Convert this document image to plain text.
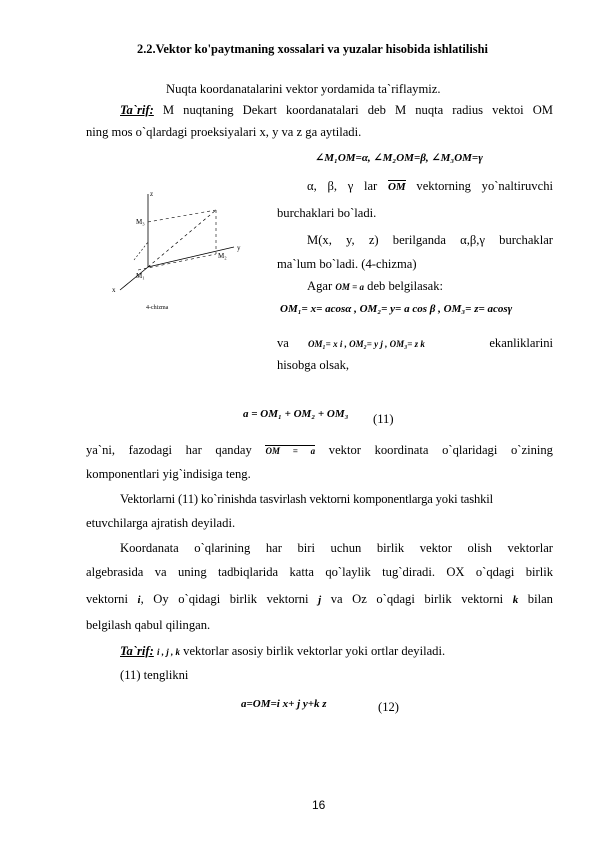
2.2.Vektor ko'paytmaning xossalari va yuzalar hisobida ishlatilishi
Nuqta koordanatalarini vektor yordamida ta`riflaymiz.
Ta`rif: M nuqtaning Dekart koordanatalari deb M nuqta radius vektoi OM
ning mos o`qlardagi proeksiyalari x, y va z ga aytiladi.
∠M₁OM=α, ∠M₂OM=β, ∠M₃OM=γ
z
y
M₂
x
M₁
M₃
4-chizma
α, β, γ lar OM vektorning yo`naltiruvchi
burchaklari bo`ladi.
M(x, y, z) berilganda α,β,γ burchaklar
ma`lum bo`ladi. (4-chizma)
Agar OM = a deb belgilasak:
OM₁= x= acosα , OM₂= y= a cos β , OM₃= z= acosγ
va OM₁= x i , OM₂= y j , OM₃= z k	ekanliklarini
hisobga olsak,
a = OM₁ + OM₂ + OM₃ (11)
ya`ni, fazodagi har qanday OM = a vektor koordinata o`qlaridagi o`zining
komponentlari yig`indisiga teng.
Vektorlarni (11) ko`rinishda tasvirlash vektorni komponentlarga yoki tashkil
etuvchilarga ajratish deyiladi.
Koordanata o`qlarining har biri uchun birlik vektor olish vektorlar
algebrasida va uning tadbiqlarida katta qo`laylik tug`diradi. OX o`qdagi birlik
vektorni i, Oy o`qidagi birlik vektorni j va Oz o`qdagi birlik vektorni k bilan
belgilash qabul qilingan.
Ta`rif: i , j , k vektorlar asosiy birlik vektorlar yoki ortlar deyiladi.
(11) tenglikni
a=OM=i x+ j y+k z	(12)
16
